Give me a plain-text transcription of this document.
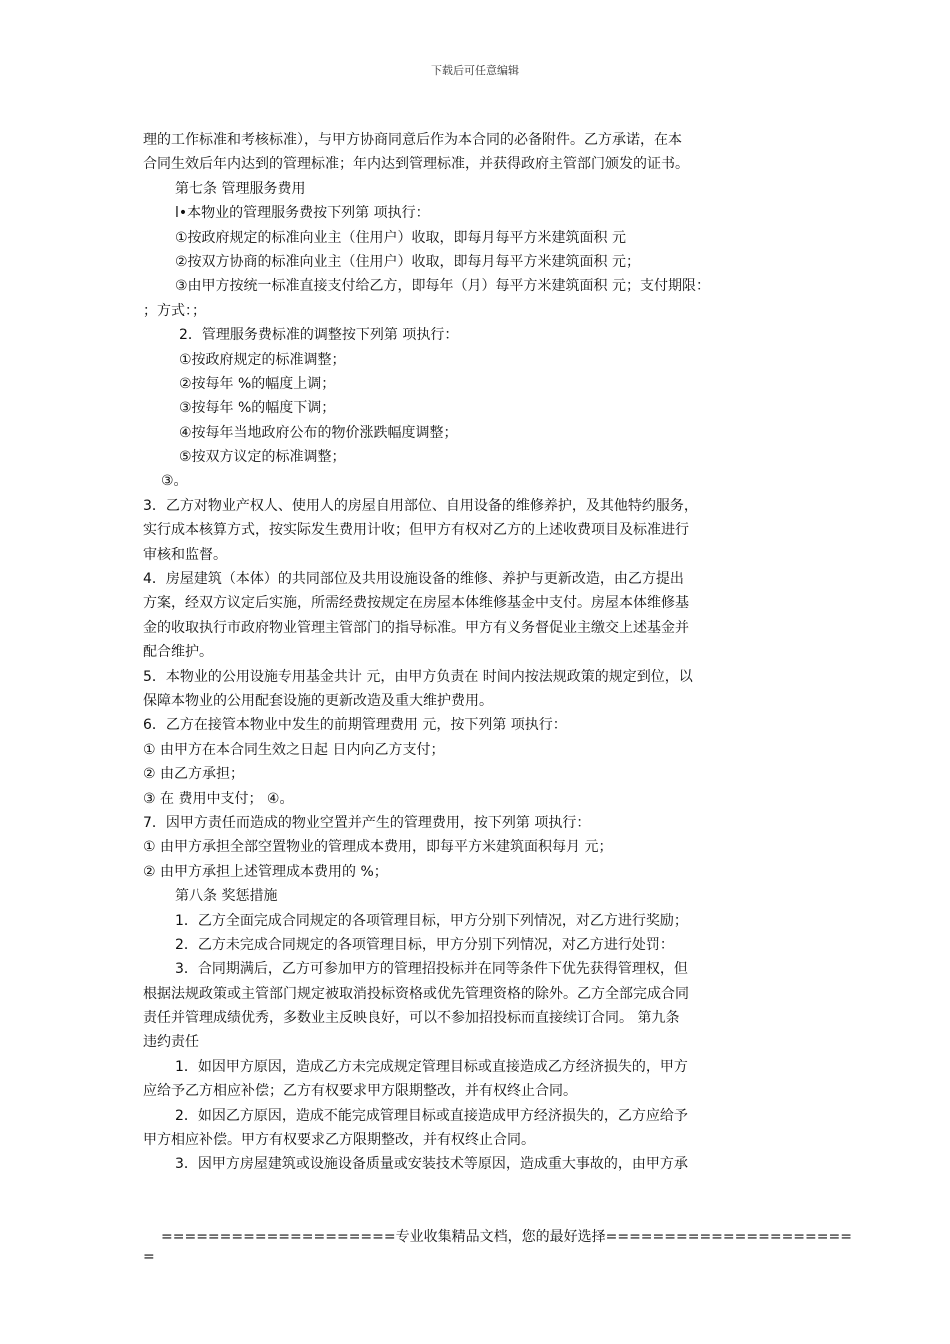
下载后可任意编辑
理的工作标准和考核标准），与甲方协商同意后作为本合同的必备附件。乙方承诺，在本
合同生效后年内达到的管理标准；年内达到管理标准，并获得政府主管部门颁发的证书。
第七条 管理服务费用
l•本物业的管理服务费按下列第 项执行：
①按政府规定的标准向业主（住用户）收取，即每月每平方米建筑面积 元
②按双方协商的标准向业主（住用户）收取，即每月每平方米建筑面积 元；
③由甲方按统一标准直接支付给乙方，即每年（月）每平方米建筑面积 元；支付期限：
；方式：；
2．管理服务费标准的调整按下列第 项执行：
①按政府规定的标准调整；
②按每年 %的幅度上调；
③按每年 %的幅度下调；
④按每年当地政府公布的物价涨跌幅度调整；
⑤按双方议定的标准调整；
③。
3．乙方对物业产权人、使用人的房屋自用部位、自用设备的维修养护，及其他特约服务，
实行成本核算方式，按实际发生费用计收；但甲方有权对乙方的上述收费项目及标准进行
审核和监督。
4．房屋建筑（本体）的共同部位及共用设施设备的维修、养护与更新改造，由乙方提出
方案，经双方议定后实施，所需经费按规定在房屋本体维修基金中支付。房屋本体维修基
金的收取执行市政府物业管理主管部门的指导标准。甲方有义务督促业主缴交上述基金并
配合维护。
5．本物业的公用设施专用基金共计 元，由甲方负责在 时间内按法规政策的规定到位，以
保障本物业的公用配套设施的更新改造及重大维护费用。
6．乙方在接管本物业中发生的前期管理费用 元，按下列第 项执行：
① 由甲方在本合同生效之日起 日内向乙方支付；
② 由乙方承担；
③ 在 费用中支付； ④。
7．因甲方责任而造成的物业空置并产生的管理费用，按下列第 项执行：
① 由甲方承担全部空置物业的管理成本费用，即每平方米建筑面积每月 元；
② 由甲方承担上述管理成本费用的 %；
第八条 奖惩措施
1．乙方全面完成合同规定的各项管理目标，甲方分别下列情况，对乙方进行奖励；
2．乙方未完成合同规定的各项管理目标，甲方分别下列情况，对乙方进行处罚：
3．合同期满后，乙方可参加甲方的管理招投标并在同等条件下优先获得管理权，但
根据法规政策或主管部门规定被取消投标资格或优先管理资格的除外。乙方全部完成合同
责任并管理成绩优秀，多数业主反映良好，可以不参加招投标而直接续订合同。 第九条
违约责任
1．如因甲方原因，造成乙方未完成规定管理目标或直接造成乙方经济损失的，甲方
应给予乙方相应补偿；乙方有权要求甲方限期整改，并有权终止合同。
2．如因乙方原因，造成不能完成管理目标或直接造成甲方经济损失的，乙方应给予
甲方相应补偿。甲方有权要求乙方限期整改，并有权终止合同。
3．因甲方房屋建筑或设施设备质量或安装技术等原因，造成重大事故的，由甲方承
====================专业收集精品文档，您的最好选择=====================
=
